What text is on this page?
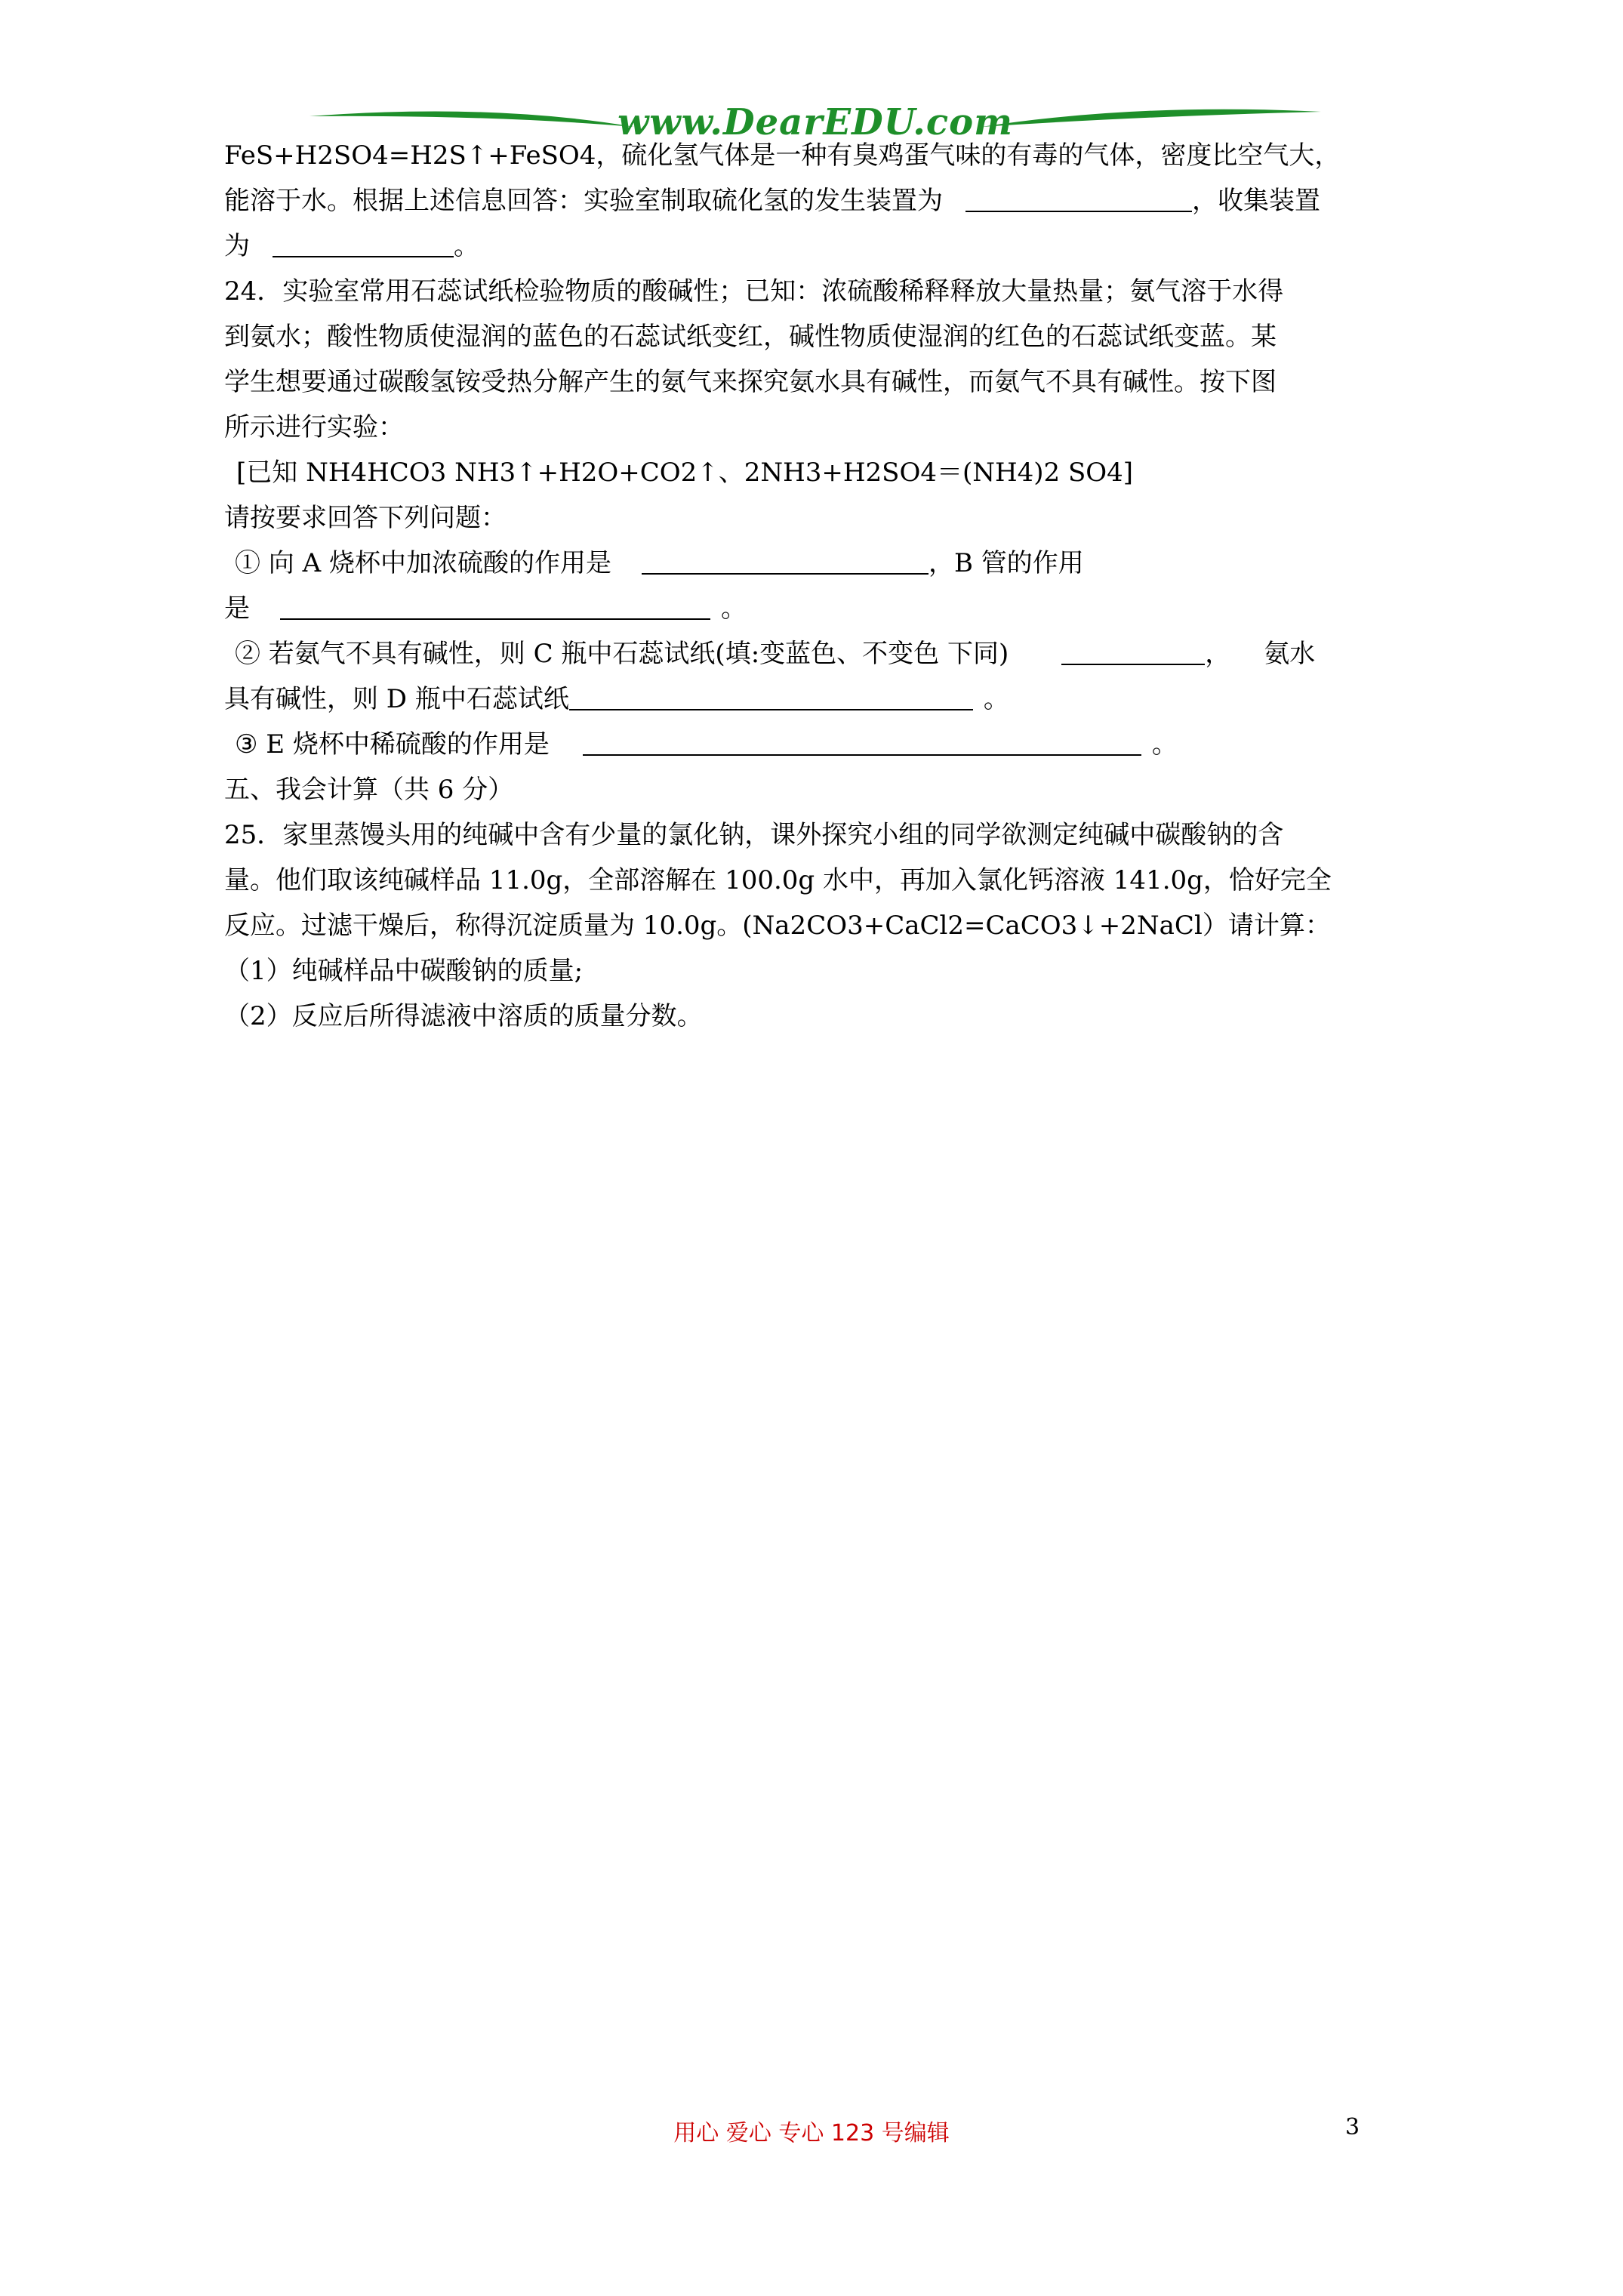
www.DearEDU.com
FeS+H2SO4=H2S↑+FeSO4，硫化氢气体是一种有臭鸡蛋气味的有毒的气体，密度比空气大，
能溶于水。根据上述信息回答：实验室制取硫化氢的发生装置为	，收集装置
为	。
24．实验室常用石蕊试纸检验物质的酸碱性；已知：浓硫酸稀释释放大量热量；氨气溶于水得
到氨水；酸性物质使湿润的蓝色的石蕊试纸变红，碱性物质使湿润的红色的石蕊试纸变蓝。某
学生想要通过碳酸氢铵受热分解产生的氨气来探究氨水具有碱性，而氨气不具有碱性。按下图
所示进行实验：
[已知 NH4HCO3 NH3↑+H2O+CO2↑、2NH3+H2SO4＝(NH4)2 SO4]
请按要求回答下列问题：
① 向 A 烧杯中加浓硫酸的作用是	，B 管的作用
是	。
② 若氨气不具有碱性，则 C 瓶中石蕊试纸(填:变蓝色、不变色 下同)	， 氨水
具有碱性，则 D 瓶中石蕊试纸	。
③ E 烧杯中稀硫酸的作用是	。
五、我会计算（共 6 分）
25．家里蒸馒头用的纯碱中含有少量的氯化钠，课外探究小组的同学欲测定纯碱中碳酸钠的含
量。他们取该纯碱样品 11.0g，全部溶解在 100.0g 水中，再加入氯化钙溶液 141.0g，恰好完全
反应。过滤干燥后，称得沉淀质量为 10.0g。(Na2CO3+CaCl2=CaCO3↓+2NaCl）请计算：
（1）纯碱样品中碳酸钠的质量;
（2）反应后所得滤液中溶质的质量分数。
用心 爱心 专心 123 号编辑	3
